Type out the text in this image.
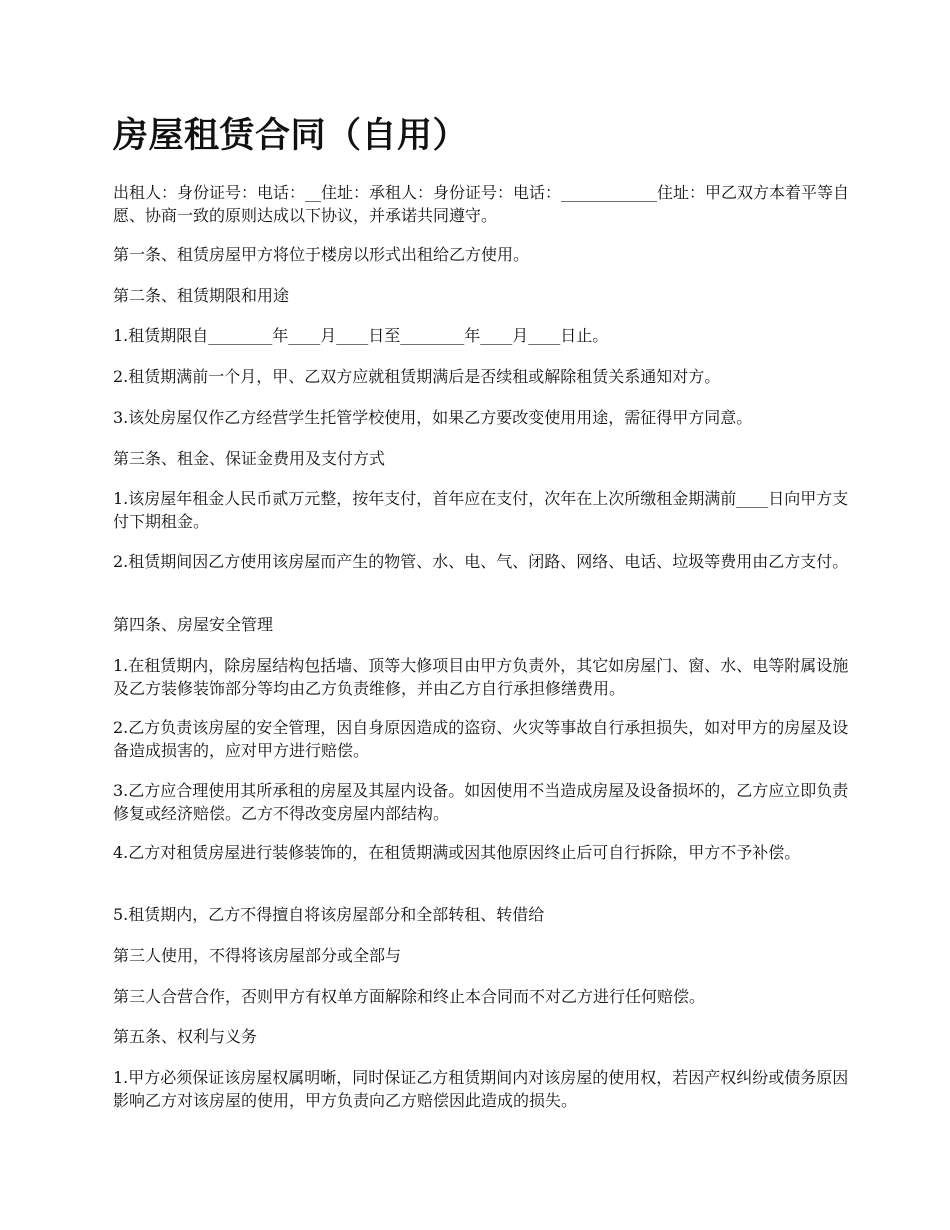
房屋租赁合同（自用）

出租人：身份证号：电话：__住址：承租人：身份证号：电话：____________住址：甲乙双方本着平等自愿、协商一致的原则达成以下协议，并承诺共同遵守。

第一条、租赁房屋甲方将位于楼房以形式出租给乙方使用。

第二条、租赁期限和用途

1.租赁期限自________年____月____日至________年____月____日止。

2.租赁期满前一个月，甲、乙双方应就租赁期满后是否续租或解除租赁关系通知对方。

3.该处房屋仅作乙方经营学生托管学校使用，如果乙方要改变使用用途，需征得甲方同意。

第三条、租金、保证金费用及支付方式

1.该房屋年租金人民币贰万元整，按年支付，首年应在支付，次年在上次所缴租金期满前____日向甲方支付下期租金。

2.租赁期间因乙方使用该房屋而产生的物管、水、电、气、闭路、网络、电话、垃圾等费用由乙方支付。

第四条、房屋安全管理

1.在租赁期内，除房屋结构包括墙、顶等大修项目由甲方负责外，其它如房屋门、窗、水、电等附属设施及乙方装修装饰部分等均由乙方负责维修，并由乙方自行承担修缮费用。

2.乙方负责该房屋的安全管理，因自身原因造成的盗窃、火灾等事故自行承担损失，如对甲方的房屋及设备造成损害的，应对甲方进行赔偿。

3.乙方应合理使用其所承租的房屋及其屋内设备。如因使用不当造成房屋及设备损坏的，乙方应立即负责修复或经济赔偿。乙方不得改变房屋内部结构。

4.乙方对租赁房屋进行装修装饰的，在租赁期满或因其他原因终止后可自行拆除，甲方不予补偿。

5.租赁期内，乙方不得擅自将该房屋部分和全部转租、转借给

第三人使用，不得将该房屋部分或全部与

第三人合营合作，否则甲方有权单方面解除和终止本合同而不对乙方进行任何赔偿。

第五条、权利与义务

1.甲方必须保证该房屋权属明晰，同时保证乙方租赁期间内对该房屋的使用权，若因产权纠纷或债务原因影响乙方对该房屋的使用，甲方负责向乙方赔偿因此造成的损失。
